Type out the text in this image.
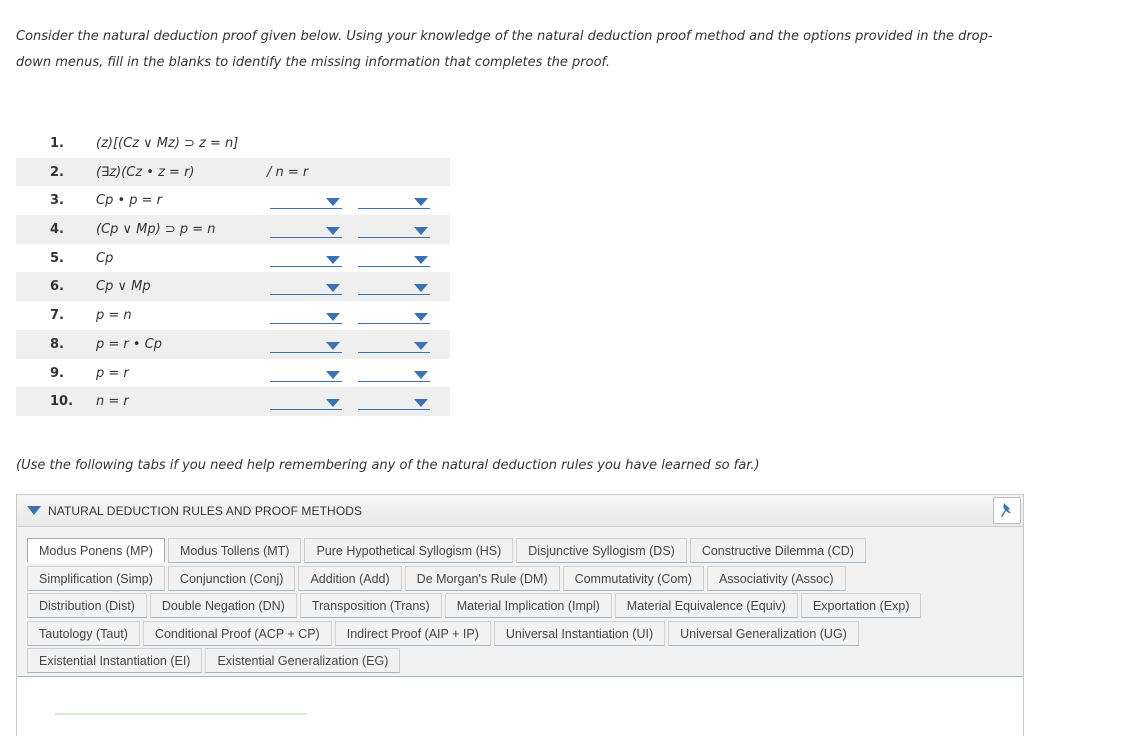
Consider the natural deduction proof given below. Using your knowledge of the natural deduction proof method and the options provided in the drop-
down menus, fill in the blanks to identify the missing information that completes the proof.
1. (z)[(Cz ∨ Mz) ⊃ z = n]
2. (∃z)(Cz • z = r)	/ n = r
3. Cp • p = r
4. (Cp ∨ Mp) ⊃ p = n
5. Cp
6. Cp ∨ Mp
7. p = n
8. p = r • Cp
9. p = r
10. n = r
(Use the following tabs if you need help remembering any of the natural deduction rules you have learned so far.)
NATURAL DEDUCTION RULES AND PROOF METHODS
Modus Ponens (MP) Modus Tollens (MT) Pure Hypothetical Syllogism (HS) Disjunctive Syllogism (DS) Constructive Dilemma (CD)
Simplification (Simp) Conjunction (Conj) Addition (Add) De Morgan's Rule (DM) Commutativity (Com) Associativity (Assoc)
Distribution (Dist) Double Negation (DN) Transposition (Trans) Material Implication (Impl) Material Equivalence (Equiv) Exportation (Exp)
Tautology (Taut) Conditional Proof (ACP + CP) Indirect Proof (AIP + IP) Universal Instantiation (UI) Universal Generalization (UG)
Existential Instantiation (EI) Existential Generalization (EG)
